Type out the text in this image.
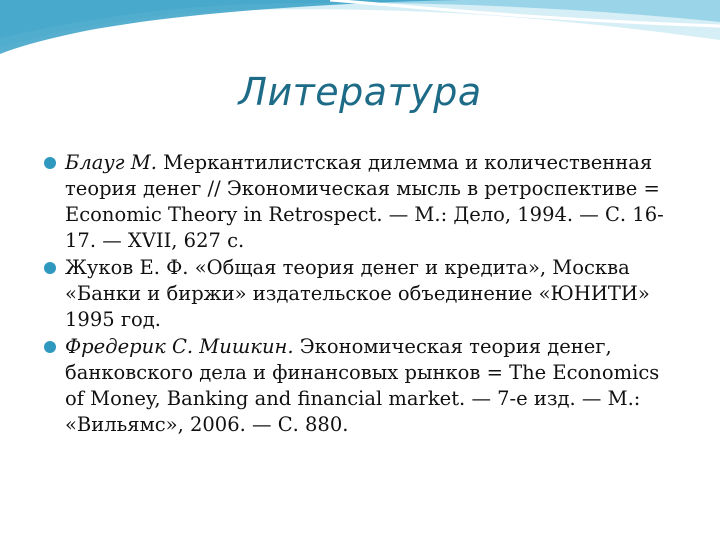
Литература
Блауг М. Меркантилистская дилемма и количественная теория денег // Экономическая мысль в ретроспективе = Economic Theory in Retrospect. — М.: Дело, 1994. — С. 16-17. — XVII, 627 с.
Жуков Е. Ф. «Общая теория денег и кредита», Москва «Банки и биржи» издательское объединение «ЮНИТИ» 1995 год.
Фредерик С. Мишкин. Экономическая теория денег, банковского дела и финансовых рынков = The Economics of Money, Banking and financial market. — 7-е изд. — М.: «Вильямс», 2006. — С. 880.
